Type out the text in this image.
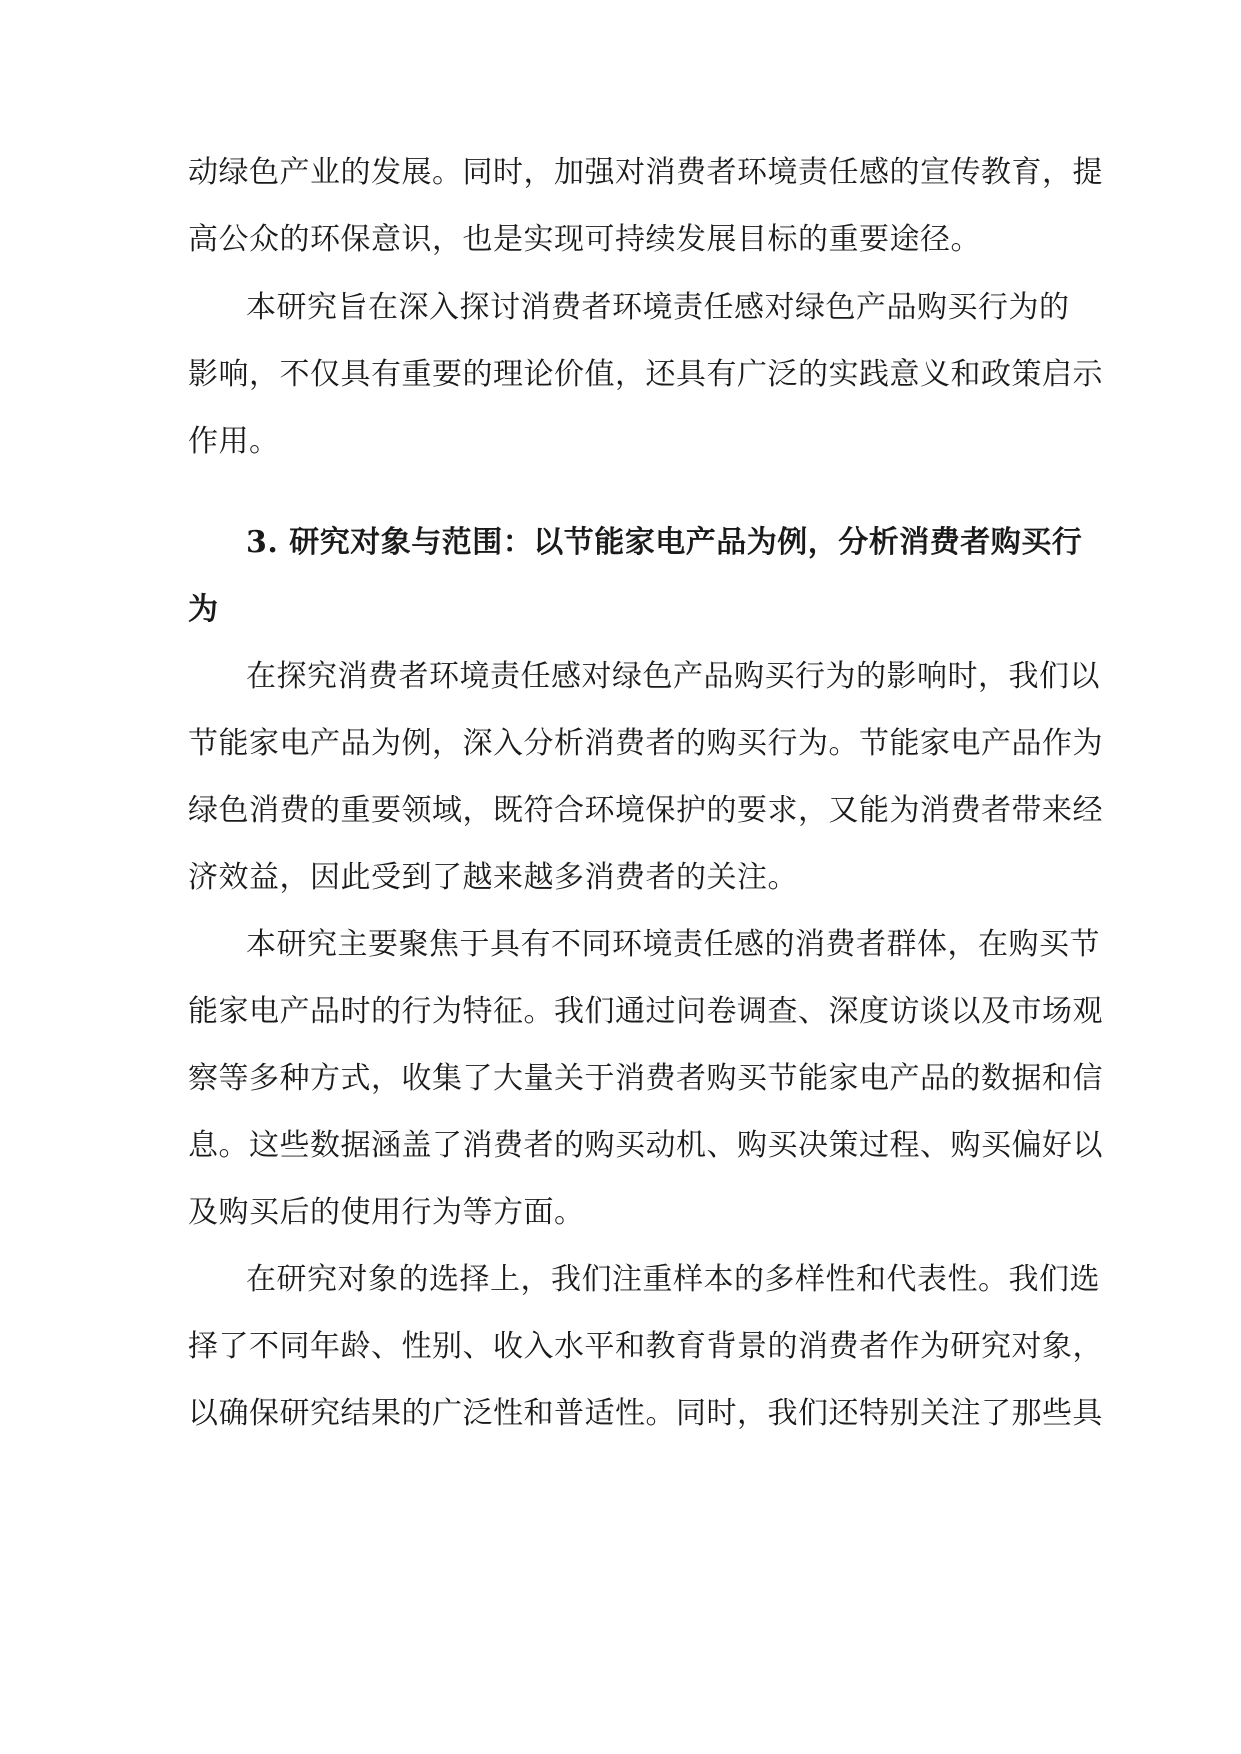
动绿色产业的发展。同时，加强对消费者环境责任感的宣传教育，提
高公众的环保意识，也是实现可持续发展目标的重要途径。
本研究旨在深入探讨消费者环境责任感对绿色产品购买行为的
影响，不仅具有重要的理论价值，还具有广泛的实践意义和政策启示
作用。
3. 研究对象与范围：以节能家电产品为例，分析消费者购买行
为
在探究消费者环境责任感对绿色产品购买行为的影响时，我们以
节能家电产品为例，深入分析消费者的购买行为。节能家电产品作为
绿色消费的重要领域，既符合环境保护的要求，又能为消费者带来经
济效益，因此受到了越来越多消费者的关注。
本研究主要聚焦于具有不同环境责任感的消费者群体，在购买节
能家电产品时的行为特征。我们通过问卷调查、深度访谈以及市场观
察等多种方式，收集了大量关于消费者购买节能家电产品的数据和信
息。这些数据涵盖了消费者的购买动机、购买决策过程、购买偏好以
及购买后的使用行为等方面。
在研究对象的选择上，我们注重样本的多样性和代表性。我们选
择了不同年龄、性别、收入水平和教育背景的消费者作为研究对象，
以确保研究结果的广泛性和普适性。同时，我们还特别关注了那些具
